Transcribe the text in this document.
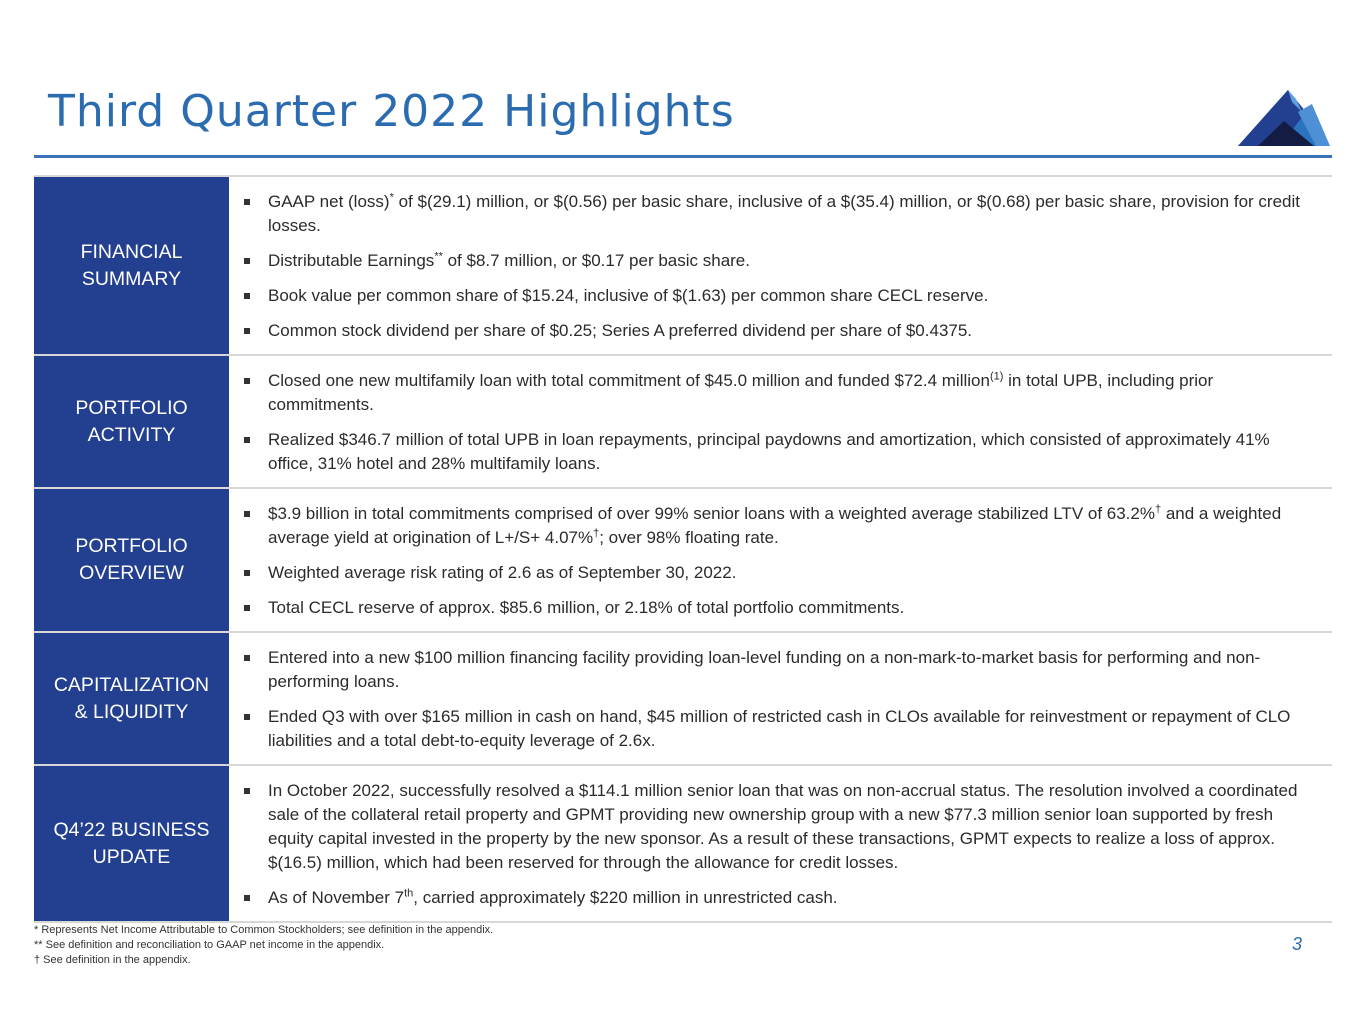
Third Quarter 2022 Highlights
FINANCIAL
SUMMARY
GAAP net (loss)* of $(29.1) million, or $(0.56) per basic share, inclusive of a $(35.4) million, or $(0.68) per basic share, provision for credit losses.
Distributable Earnings** of $8.7 million, or $0.17 per basic share.
Book value per common share of $15.24, inclusive of $(1.63) per common share CECL reserve.
Common stock dividend per share of $0.25; Series A preferred dividend per share of $0.4375.
PORTFOLIO
ACTIVITY
Closed one new multifamily loan with total commitment of $45.0 million and funded $72.4 million$^{(1)}$ in total UPB, including prior commitments.
Realized $346.7 million of total UPB in loan repayments, principal paydowns and amortization, which consisted of approximately 41% office, 31% hotel and 28% multifamily loans.
PORTFOLIO
OVERVIEW
$3.9 billion in total commitments comprised of over 99% senior loans with a weighted average stabilized LTV of 63.2%† and a weighted average yield at origination of L+/S+ 4.07%†; over 98% floating rate.
Weighted average risk rating of 2.6 as of September 30, 2022.
Total CECL reserve of approx. $85.6 million, or 2.18% of total portfolio commitments.
CAPITALIZATION
& LIQUIDITY
Entered into a new $100 million financing facility providing loan-level funding on a non-mark-to-market basis for performing and non-performing loans.
Ended Q3 with over $165 million in cash on hand, $45 million of restricted cash in CLOs available for reinvestment or repayment of CLO liabilities and a total debt-to-equity leverage of 2.6x.
Q4’22 BUSINESS
UPDATE
In October 2022, successfully resolved a $114.1 million senior loan that was on non-accrual status. The resolution involved a coordinated sale of the collateral retail property and GPMT providing new ownership group with a new $77.3 million senior loan supported by fresh equity capital invested in the property by the new sponsor. As a result of these transactions, GPMT expects to realize a loss of approx. $(16.5) million, which had been reserved for through the allowance for credit losses.
As of November 7th, carried approximately $220 million in unrestricted cash.
* Represents Net Income Attributable to Common Stockholders; see definition in the appendix.
** See definition and reconciliation to GAAP net income in the appendix.
† See definition in the appendix.
3
